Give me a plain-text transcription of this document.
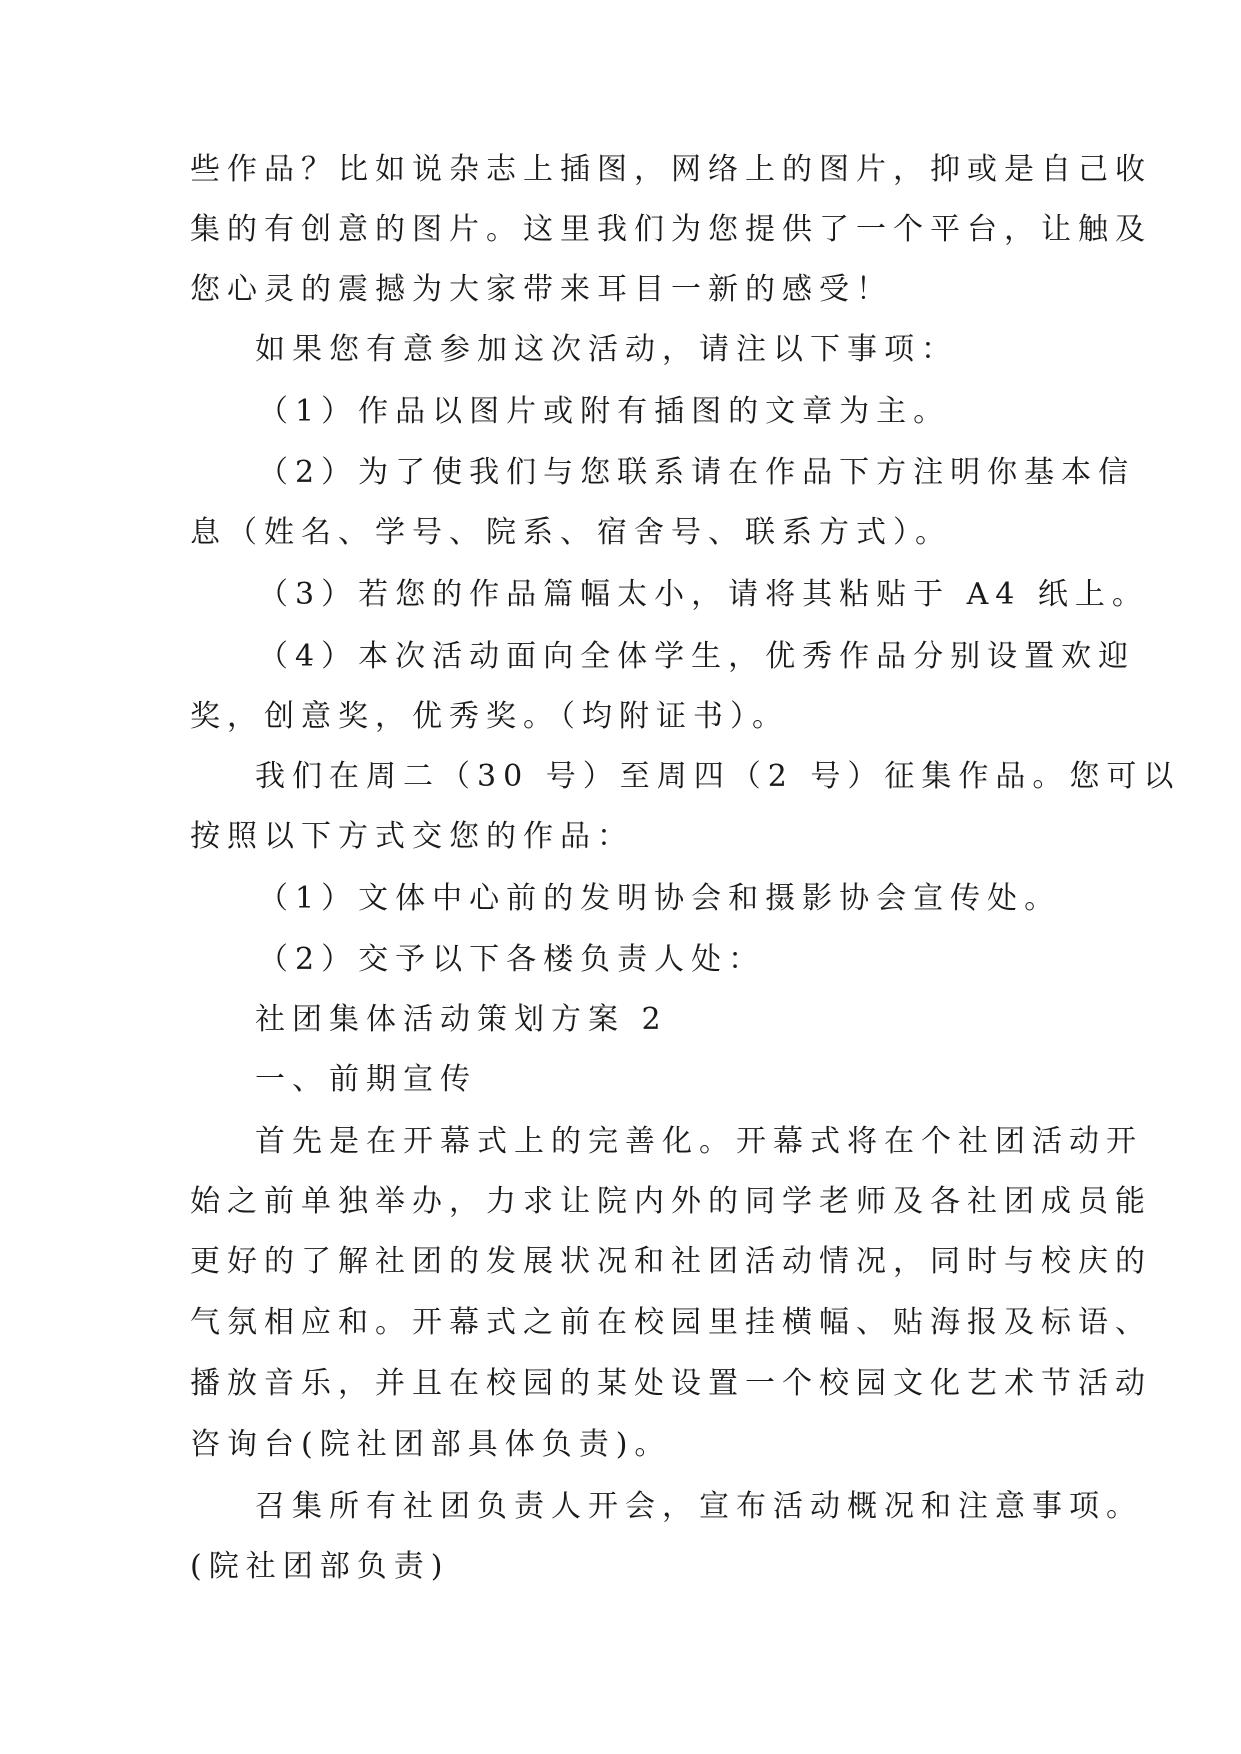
些作品？比如说杂志上插图，网络上的图片，抑或是自己收
集的有创意的图片。这里我们为您提供了一个平台，让触及
您心灵的震撼为大家带来耳目一新的感受！
如果您有意参加这次活动，请注以下事项：
（1）作品以图片或附有插图的文章为主。
（2）为了使我们与您联系请在作品下方注明你基本信
息（姓名、学号、院系、宿舍号、联系方式）。
（3）若您的作品篇幅太小，请将其粘贴于 A4 纸上。
（4）本次活动面向全体学生，优秀作品分别设置欢迎
奖，创意奖，优秀奖。（均附证书）。
我们在周二（30 号）至周四（2 号）征集作品。您可以
按照以下方式交您的作品：
（1）文体中心前的发明协会和摄影协会宣传处。
（2）交予以下各楼负责人处：
社团集体活动策划方案 2
一、前期宣传
首先是在开幕式上的完善化。开幕式将在个社团活动开
始之前单独举办，力求让院内外的同学老师及各社团成员能
更好的了解社团的发展状况和社团活动情况，同时与校庆的
气氛相应和。开幕式之前在校园里挂横幅、贴海报及标语、
播放音乐，并且在校园的某处设置一个校园文化艺术节活动
咨询台(院社团部具体负责)。
召集所有社团负责人开会，宣布活动概况和注意事项。
(院社团部负责)
